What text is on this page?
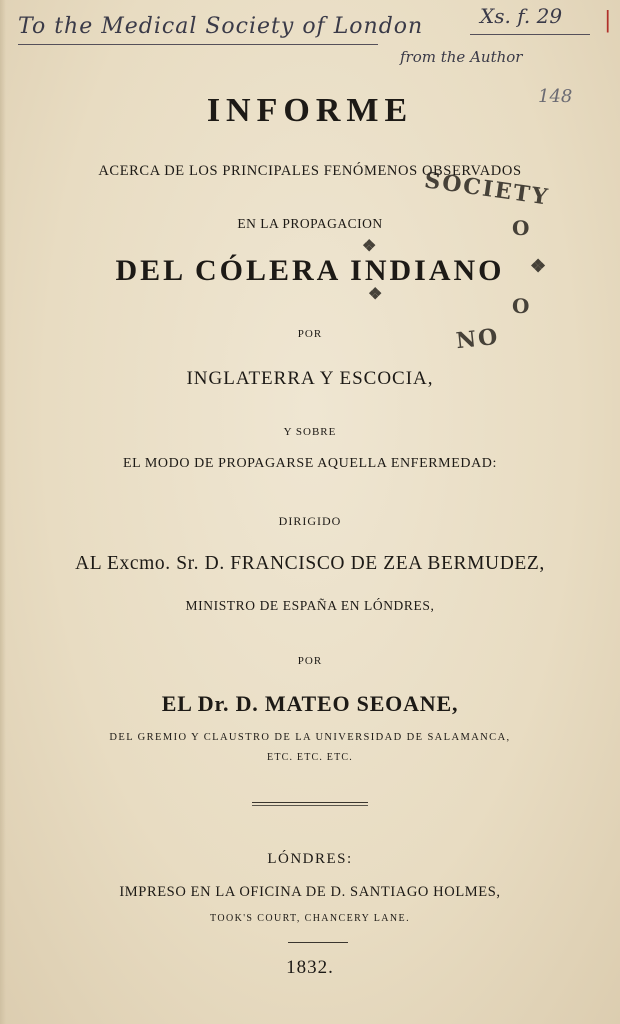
To the Medical Society of London
from the Author
Xs. f. 29 |
148
INFORME
ACERCA DE LOS PRINCIPALES FENÓMENOS OBSERVADOS
EN LA PROPAGACION
DEL CÓLERA INDIANO
POR
INGLATERRA Y ESCOCIA,
Y SOBRE
EL MODO DE PROPAGARSE AQUELLA ENFERMEDAD:
DIRIGIDO
AL Excmo. Sr. D. FRANCISCO DE ZEA BERMUDEZ,
MINISTRO DE ESPAÑA EN LÓNDRES,
POR
EL Dr. D. MATEO SEOANE,
DEL GREMIO Y CLAUSTRO DE LA UNIVERSIDAD DE SALAMANCA,
ETC. ETC. ETC.
LÓNDRES:
IMPRESO EN LA OFICINA DE D. SANTIAGO HOLMES,
TOOK'S COURT, CHANCERY LANE.
1832.
SOCIETY
O
❖
O
NO
❖
❖
